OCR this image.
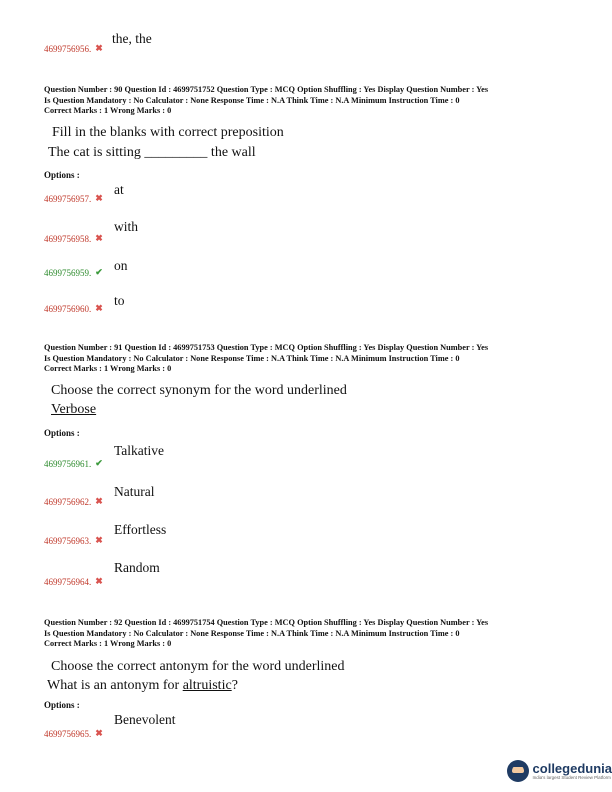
4699756956. ✖
the, the
Question Number : 90 Question Id : 4699751752 Question Type : MCQ Option Shuffling : Yes Display Question Number : Yes
Is Question Mandatory : No Calculator : None Response Time : N.A Think Time : N.A Minimum Instruction Time : 0
Correct Marks : 1 Wrong Marks : 0
Fill in the blanks with correct preposition
The cat is sitting _________ the wall
Options :
4699756957. ✖
at
4699756958. ✖
with
4699756959. ✔ on
4699756960. ✖ to
Question Number : 91 Question Id : 4699751753 Question Type : MCQ Option Shuffling : Yes Display Question Number : Yes
Is Question Mandatory : No Calculator : None Response Time : N.A Think Time : N.A Minimum Instruction Time : 0
Correct Marks : 1 Wrong Marks : 0
Choose the correct synonym for the word underlined
Verbose
Options :
4699756961. ✔
Talkative
4699756962. ✖
Natural
4699756963. ✖
Effortless
4699756964. ✖
Random
Question Number : 92 Question Id : 4699751754 Question Type : MCQ Option Shuffling : Yes Display Question Number : Yes
Is Question Mandatory : No Calculator : None Response Time : N.A Think Time : N.A Minimum Instruction Time : 0
Correct Marks : 1 Wrong Marks : 0
Choose the correct antonym for the word underlined
What is an antonym for altruistic?
Options :
4699756965. ✖
Benevolent
collegedunia
India's largest Student Review Platform
